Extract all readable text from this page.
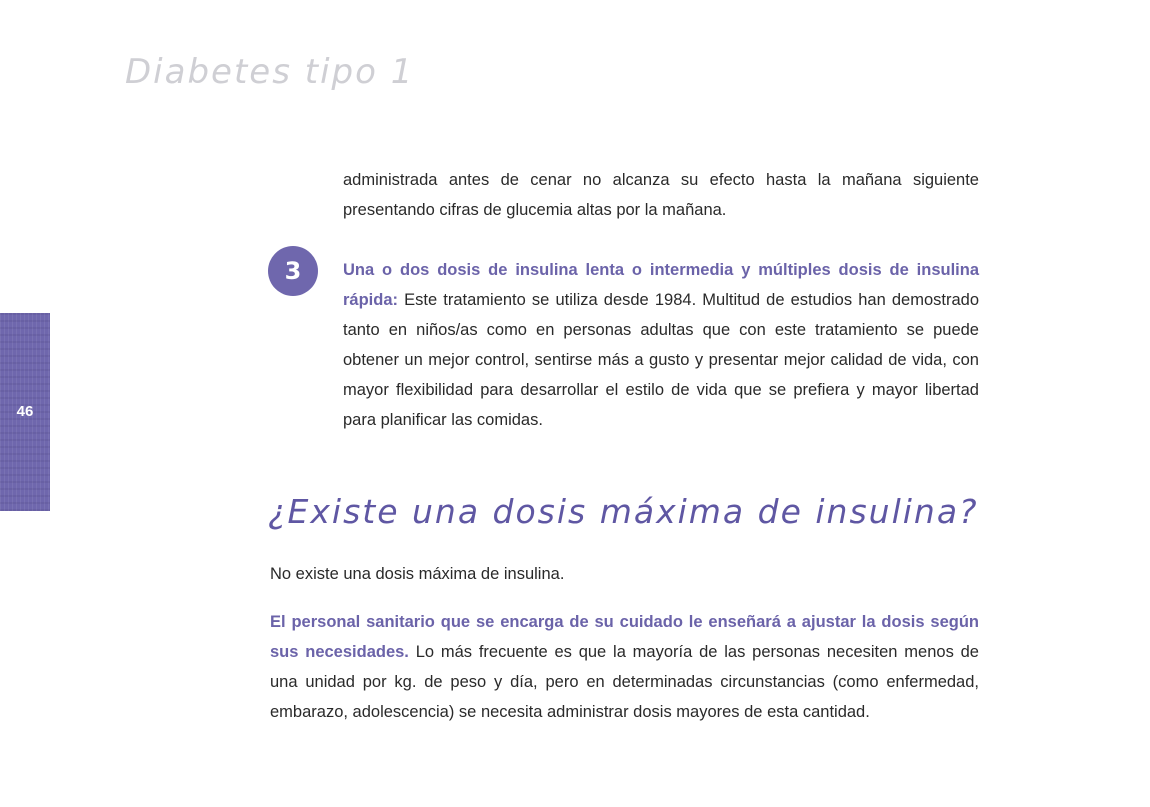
Diabetes tipo 1
46

administrada antes de cenar no alcanza su efecto hasta la mañana siguiente presentando cifras de glucemia altas por la mañana.

3	Una o dos dosis de insulina lenta o intermedia y múltiples dosis de insulina rápida: Este tratamiento se utiliza desde 1984. Multitud de estudios han demostrado tanto en niños/as como en personas adultas que con este tratamiento se puede obtener un mejor control, sentirse más a gusto y presentar mejor calidad de vida, con mayor flexibilidad para desarrollar el estilo de vida que se prefiera y mayor libertad para planificar las comidas.

¿Existe una dosis máxima de insulina?

No existe una dosis máxima de insulina.

El personal sanitario que se encarga de su cuidado le enseñará a ajustar la dosis según sus necesidades. Lo más frecuente es que la mayoría de las personas necesiten menos de una unidad por kg. de peso y día, pero en determinadas circunstancias (como enfermedad, embarazo, adolescencia) se necesita administrar dosis mayores de esta cantidad.
